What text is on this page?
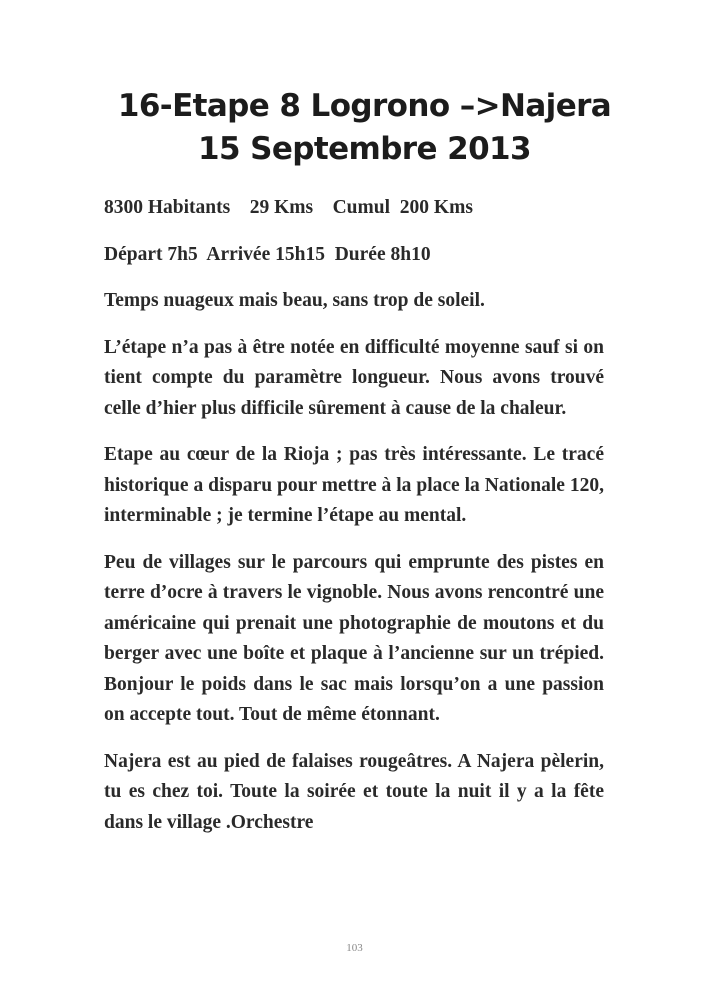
16-Etape 8 Logrono –>Najera
15 Septembre 2013

8300 Habitants    29 Kms    Cumul  200 Kms

Départ 7h5  Arrivée 15h15  Durée 8h10

Temps nuageux mais beau, sans trop de soleil.

L’étape n’a pas à être notée en difficulté moyenne sauf si on tient compte du paramètre longueur. Nous avons trouvé celle d’hier plus difficile sûrement à cause de la chaleur.

Etape au cœur de la Rioja ; pas très intéressante. Le tracé historique a disparu pour mettre à la place la Nationale 120, interminable ; je termine l’étape au mental.

Peu de villages sur le parcours qui emprunte des pistes en terre d’ocre à travers le vignoble. Nous avons rencontré une américaine qui prenait une photographie de moutons et du berger avec une boîte et plaque à l’ancienne sur un trépied. Bonjour le poids dans le sac mais lorsqu’on a une passion on accepte tout. Tout de même étonnant.

Najera est au pied de falaises rougeâtres. A Najera pèlerin, tu es chez toi. Toute la soirée et toute la nuit il y a la fête dans le village .Orchestre

103
